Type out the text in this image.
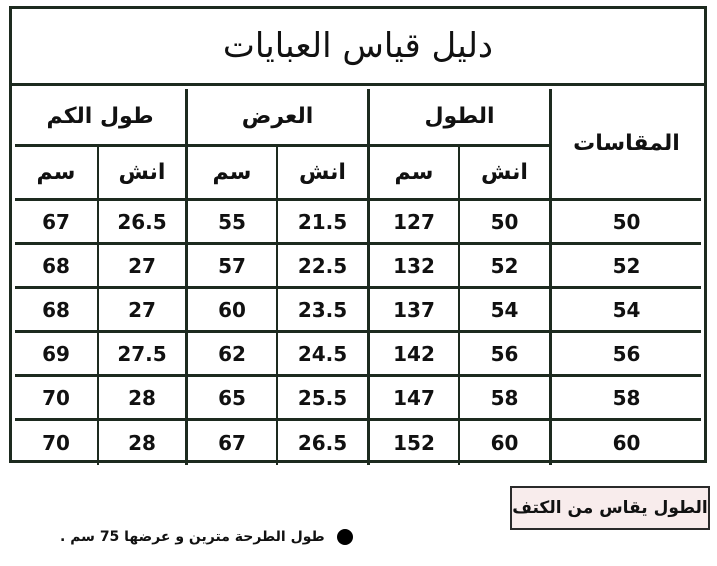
دليل قياس العبايات
المقاسات	الطول		العرض		طول الكم	
	انش	سم	انش	سم	انش	سم
50	50	127	21.5	55	26.5	67
52	52	132	22.5	57	27	68
54	54	137	23.5	60	27	68
56	56	142	24.5	62	27.5	69
58	58	147	25.5	65	28	70
60	60	152	26.5	67	28	70
الطول يقاس من الكتف
طول الطرحة مترين و عرضها 75 سم .
